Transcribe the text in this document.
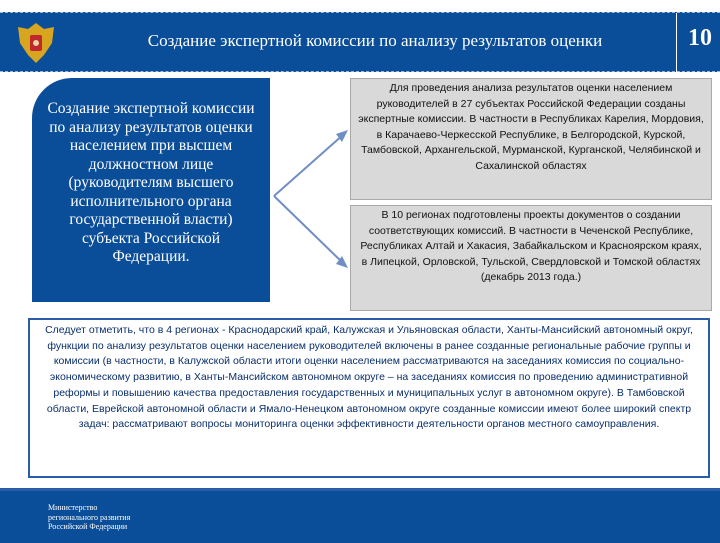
Создание экспертной комиссии по анализу результатов оценки	10
Создание экспертной комиссии по анализу результатов оценки населением при высшем должностном лице (руководителям высшего исполнительного органа государственной власти) субъекта Российской Федерации.
Для проведения анализа результатов оценки населением руководителей в 27 субъектах Российской Федерации созданы экспертные комиссии. В частности в Республиках Карелия, Мордовия, в Карачаево-Черкесской Республике, в Белгородской, Курской, Тамбовской, Архангельской, Мурманской, Курганской, Челябинской и Сахалинской областях
В 10 регионах подготовлены проекты документов о создании соответствующих комиссий. В частности в Чеченской Республике, Республиках Алтай и Хакасия, Забайкальском и Красноярском краях, в Липецкой, Орловской, Тульской, Свердловской и Томской областях (декабрь 2013 года.)
Следует отметить, что в 4 регионах - Краснодарский край, Калужская и Ульяновская области, Ханты-Мансийский автономный округ, функции по анализу результатов оценки населением руководителей включены в ранее созданные региональные рабочие группы и комиссии (в частности, в Калужской области итоги оценки населением рассматриваются на заседаниях комиссия по социально-экономическому развитию, в Ханты-Мансийском автономном округе – на заседаниях комиссия по проведению административной реформы и повышению качества предоставления государственных и муниципальных услуг в автономном округе). В Тамбовской области, Еврейской автономной области и Ямало-Ненецком автономном округе созданные комиссии имеют более широкий спектр задач: рассматривают вопросы мониторинга оценки эффективности деятельности органов местного самоуправления.
Министерство
регионального развития
Российской Федерации
